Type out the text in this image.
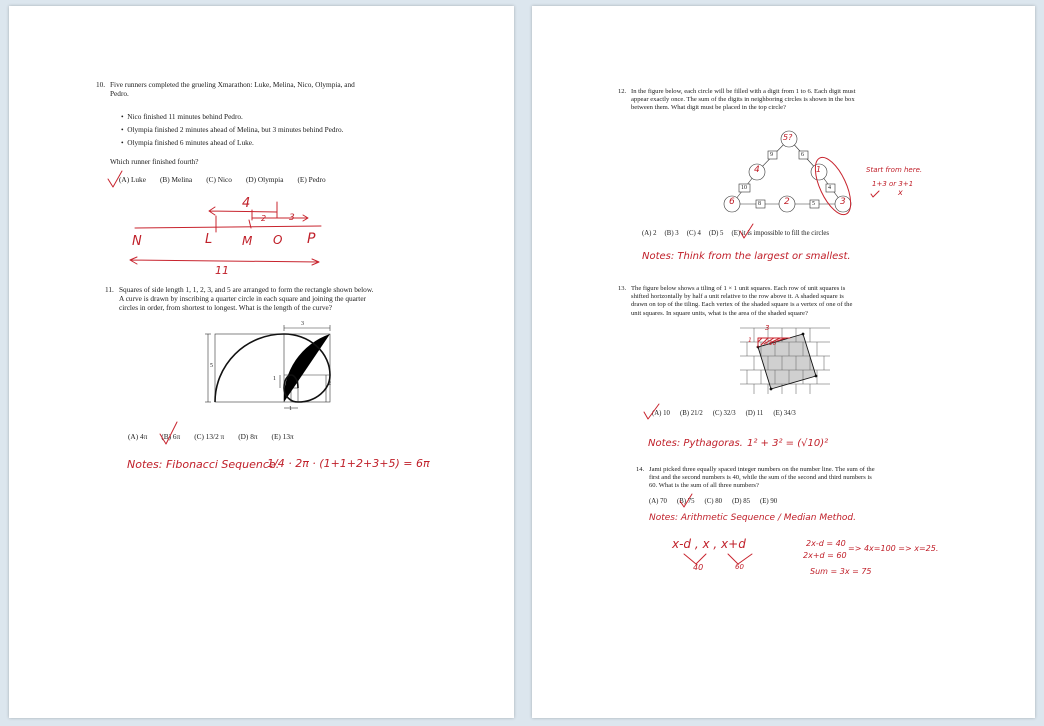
10. Five runners completed the grueling Xmarathon: Luke, Melina, Nico, Olympia, and
Pedro.
•  Nico finished 11 minutes behind Pedro.
•  Olympia finished 2 minutes ahead of Melina, but 3 minutes behind Pedro.
•  Olympia finished 6 minutes ahead of Luke.
Which runner finished fourth?
(A) Luke (B) Melina (C) Nico (D) Olympia (E) Pedro
4
2	3
N	L M O P
11
11. Squares of side length 1, 1, 2, 3, and 5 are arranged to form the rectangle shown below.
A curve is drawn by inscribing a quarter circle in each square and joining the quarter
circles in order, from shortest to longest. What is the length of the curve?
3
5
1
2
1
(A) 4π (B) 6π (C) 13/2 π (D) 8π (E) 13π
Notes: Fibonacci Sequence.
1/4 · 2π · (1+1+2+3+5) = 6π
12. In the figure below, each circle will be filled with a digit from 1 to 6. Each digit must
appear exactly once. The sum of the digits in neighboring circles is shown in the box
between them. What digit must be placed in the top circle?
9	6
10	4
8	5
5?
4	1
6	2	3
Start from here.
1+3 or 3+1
x
(A) 2 (B) 3 (C) 4 (D) 5 (E) it is impossible to fill the circles
Notes: Think from the largest or smallest.
13. The figure below shows a tiling of 1 × 1 unit squares. Each row of unit squares is
shifted horizontally by half a unit relative to the row above it. A shaded square is
drawn on top of the tiling. Each vertex of the shaded square is a vertex of one of the
unit squares. In square units, what is the area of the shaded square?
3
1 √10
(A) 10 (B) 21/2 (C) 32/3 (D) 11 (E) 34/3
Notes: Pythagoras. 1² + 3² = (√10)²
14. Jami picked three equally spaced integer numbers on the number line. The sum of the
first and the second numbers is 40, while the sum of the second and third numbers is
60. What is the sum of all three numbers?
(A) 70 (B) 75 (C) 80 (D) 85 (E) 90
Notes: Arithmetic Sequence / Median Method.
x-d , x , x+d
40	60
2x-d = 40
2x+d = 60
=> 4x=100 => x=25.
Sum = 3x = 75
